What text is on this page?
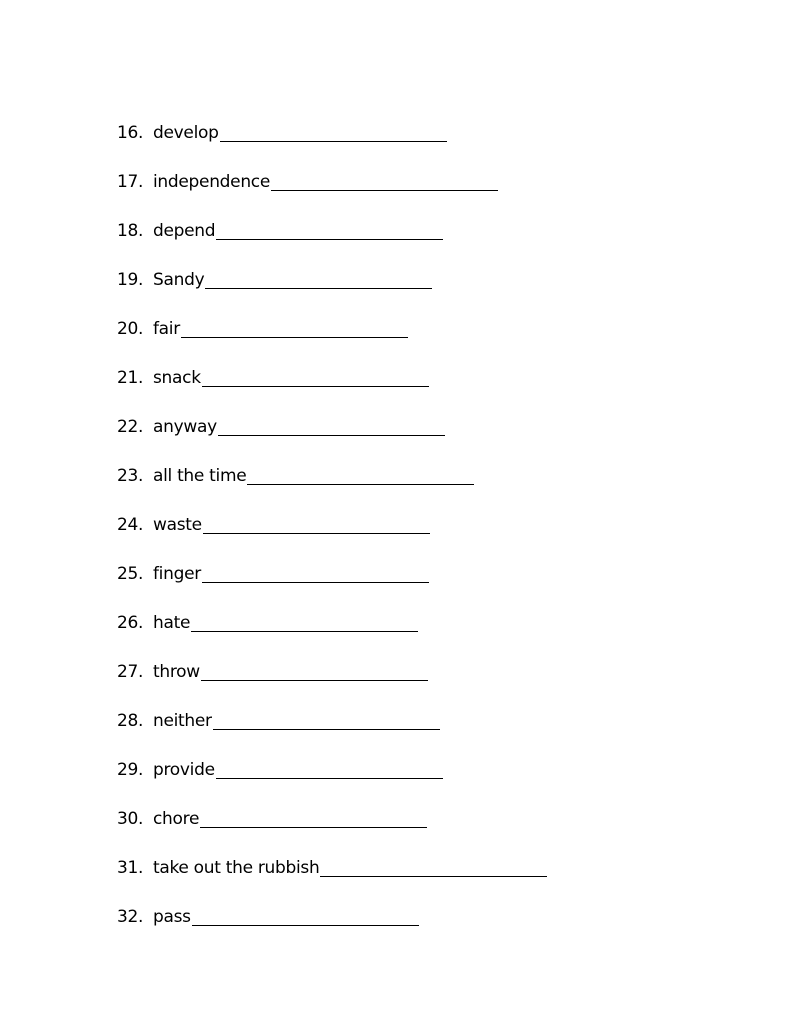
16. develop
17. independence
18. depend
19. Sandy
20. fair
21. snack
22. anyway
23. all the time
24. waste
25. finger
26. hate
27. throw
28. neither
29. provide
30. chore
31. take out the rubbish
32. pass
